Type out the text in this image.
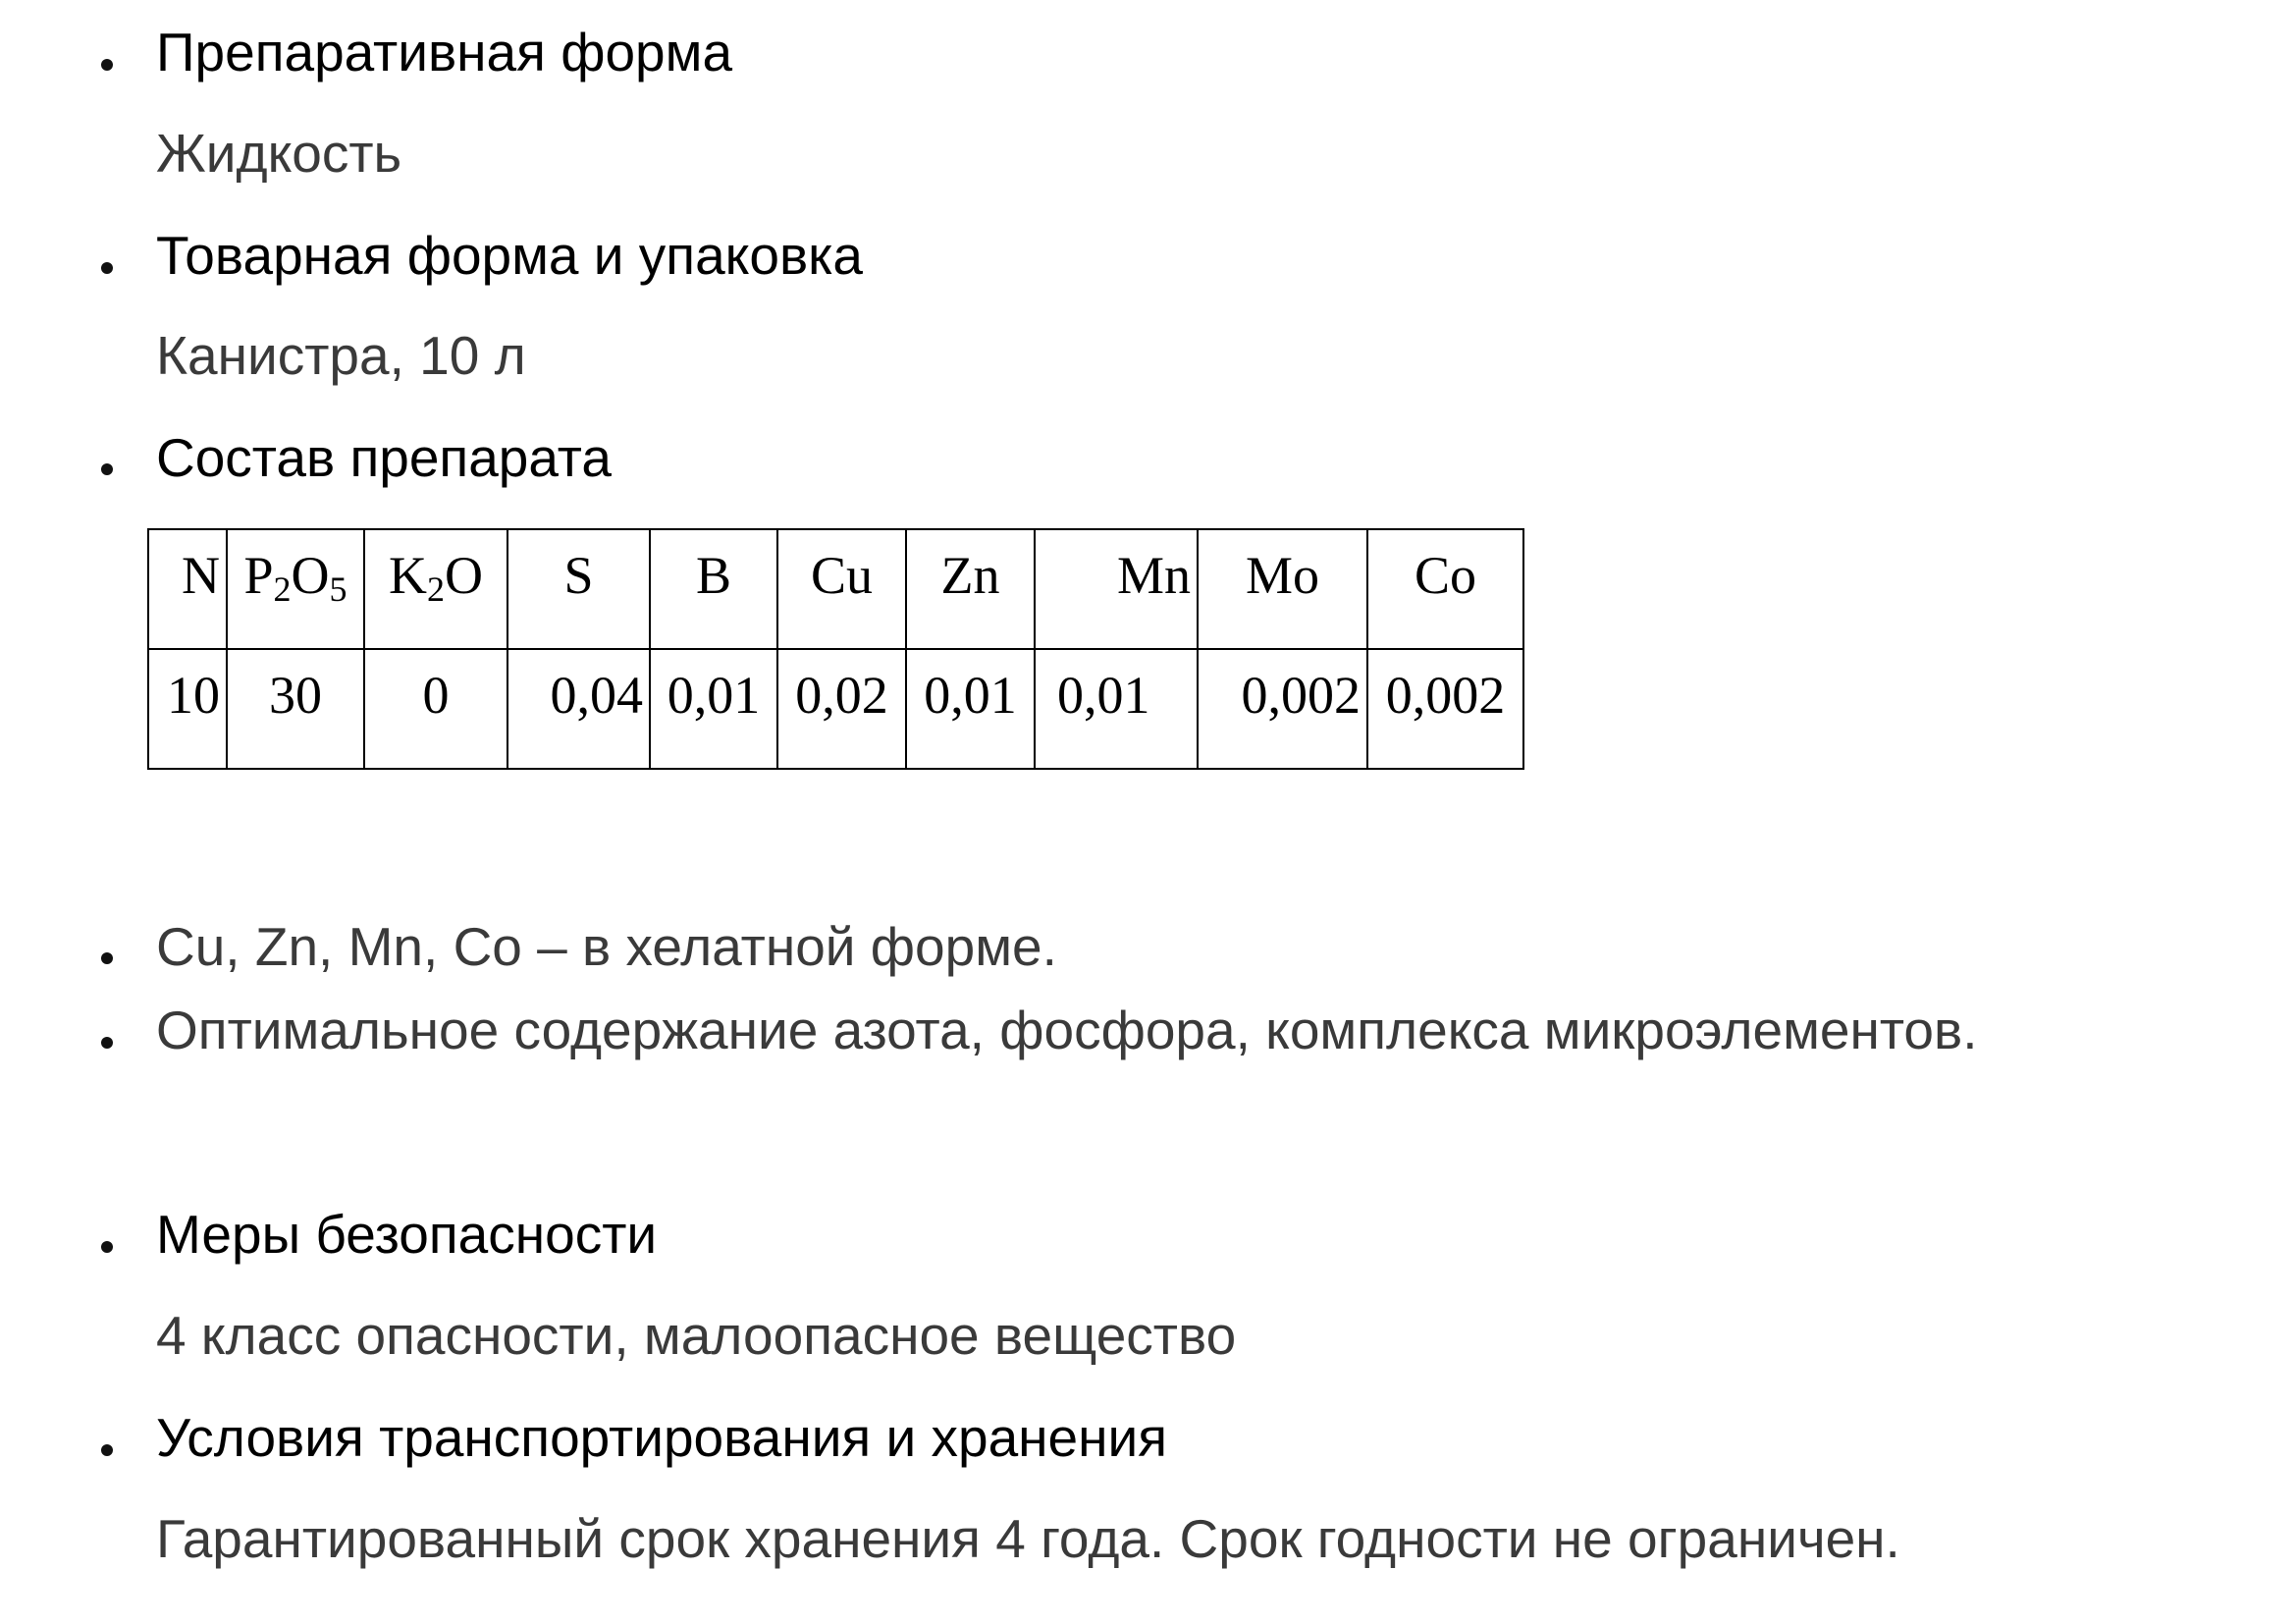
Препаративная форма
Жидкость
Товарная форма и упаковка
Канистра, 10 л
Состав препарата
N	$P_2O_5$	$K_2O$	S	B	Cu	Zn	Mn	Mo	Co
10	30	0	0,04	0,01	0,02	0,01	0,01	0,002	0,002
Cu, Zn, Mn, Co – в хелатной форме.
Оптимальное содержание азота, фосфора, комплекса микроэлементов.
Меры безопасности
4 класс опасности, малоопасное вещество
Условия транспортирования и хранения
Гарантированный срок хранения 4 года. Срок годности не ограничен.
